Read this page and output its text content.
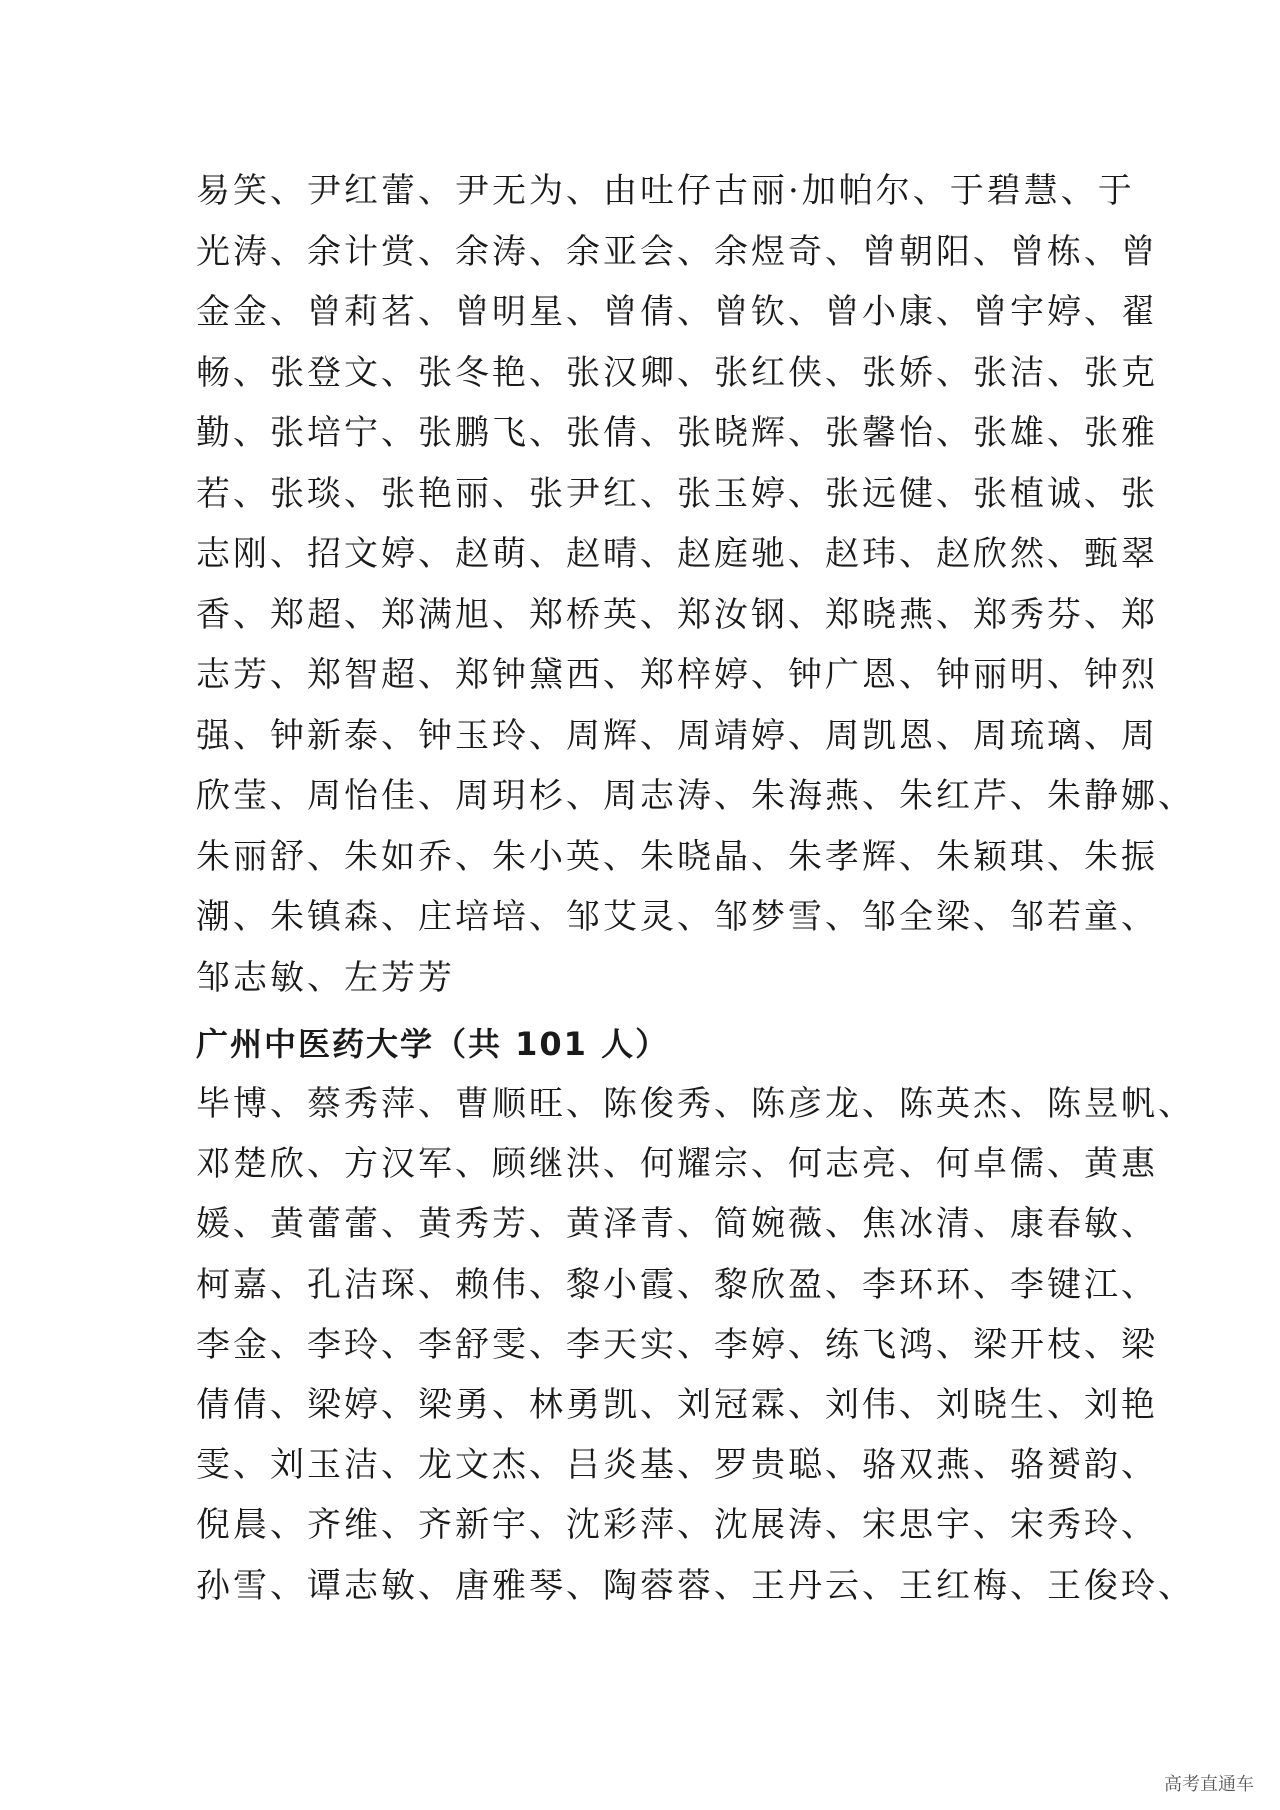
易笑、尹红蕾、尹无为、由吐仔古丽·加帕尔、于碧慧、于
光涛、余计赏、余涛、余亚会、余煜奇、曾朝阳、曾栋、曾
金金、曾莉茗、曾明星、曾倩、曾钦、曾小康、曾宇婷、翟
畅、张登文、张冬艳、张汉卿、张红侠、张娇、张洁、张克
勤、张培宁、张鹏飞、张倩、张晓辉、张馨怡、张雄、张雅
若、张琰、张艳丽、张尹红、张玉婷、张远健、张植诚、张
志刚、招文婷、赵萌、赵晴、赵庭驰、赵玮、赵欣然、甄翠
香、郑超、郑满旭、郑桥英、郑汝钢、郑晓燕、郑秀芬、郑
志芳、郑智超、郑钟黛西、郑梓婷、钟广恩、钟丽明、钟烈
强、钟新泰、钟玉玲、周辉、周靖婷、周凯恩、周琉璃、周
欣莹、周怡佳、周玥杉、周志涛、朱海燕、朱红芹、朱静娜、
朱丽舒、朱如乔、朱小英、朱晓晶、朱孝辉、朱颖琪、朱振
潮、朱镇森、庄培培、邹艾灵、邹梦雪、邹全梁、邹若童、
邹志敏、左芳芳
广州中医药大学（共 101 人）
毕博、蔡秀萍、曹顺旺、陈俊秀、陈彦龙、陈英杰、陈昱帆、
邓楚欣、方汉军、顾继洪、何耀宗、何志亮、何卓儒、黄惠
媛、黄蕾蕾、黄秀芳、黄泽青、简婉薇、焦冰清、康春敏、
柯嘉、孔洁琛、赖伟、黎小霞、黎欣盈、李环环、李键江、
李金、李玲、李舒雯、李天实、李婷、练飞鸿、梁开枝、梁
倩倩、梁婷、梁勇、林勇凯、刘冠霖、刘伟、刘晓生、刘艳
雯、刘玉洁、龙文杰、吕炎基、罗贵聪、骆双燕、骆赟韵、
倪晨、齐维、齐新宇、沈彩萍、沈展涛、宋思宇、宋秀玲、
孙雪、谭志敏、唐雅琴、陶蓉蓉、王丹云、王红梅、王俊玲、
高考直通车
